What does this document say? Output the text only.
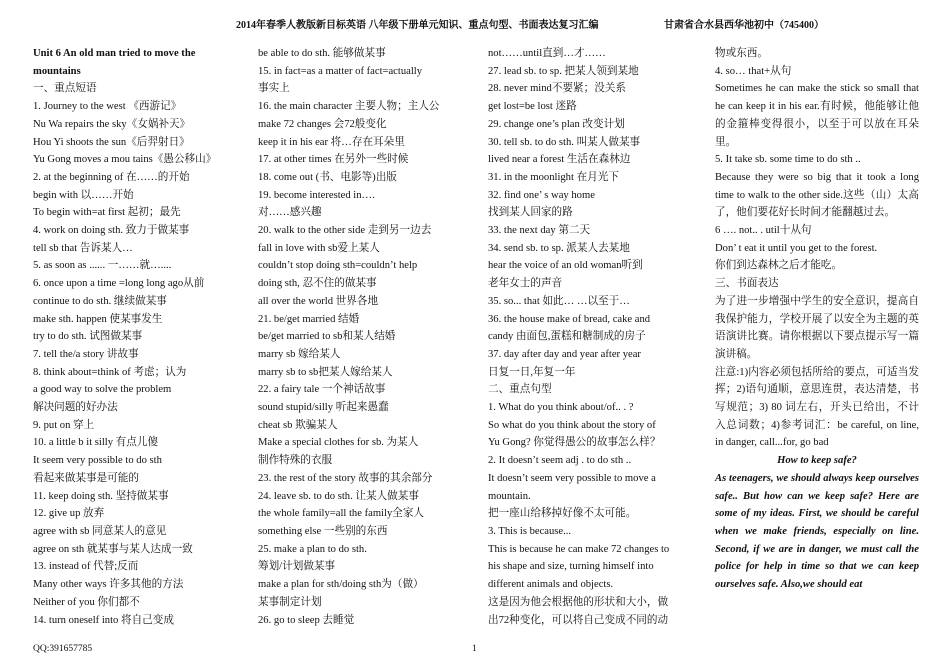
2014年春季人教版新目标英语 八年级下册单元知识、重点句型、书面表达复习汇编	甘肃省合水县西华池初中（745400）
Unit 6 An old man tried to move the
mountains
一、重点短语
1. Journey to the west 《西游记》
Nu Wa repairs the sky《女娲补天》
Hou Yi shoots the sun《后羿射日》
Yu Gong moves a mou tains《愚公移山》
2. at the beginning of 在……的开始
begin with 以……开始
To begin with=at first 起初；最先
4. work on doing sth. 致力于做某事
tell sb that 告诉某人…
5. as soon as ...... 一……就…....
6. once upon a time =long long ago从前
continue to do sth. 继续做某事
make sth. happen 使某事发生
try to do sth. 试图做某事
7. tell the/a story 讲故事
8. think about=think of 考虑；认为
a good way to solve the problem
解决问题的好办法
9. put on 穿上
10. a little b it silly 有点儿傻
It seem very possible to do sth
看起来做某事是可能的
11. keep doing sth. 坚持做某事
12. give up 放弃
agree with sb 同意某人的意见
agree on sth 就某事与某人达成一致
13. instead of 代替;反而
Many other ways 许多其他的方法
Neither of you 你们都不
14. turn oneself into 将自己变成
be able to do sth. 能够做某事
15. in fact=as a matter of fact=actually
事实上
16. the main character 主要人物；主人公
make 72 changes 会72般变化
keep it in his ear 将…存在耳朵里
17. at other times 在另外一些时候
18. come out (书、电影等)出版
19. become interested in….
对……感兴趣
20. walk to the other side 走到另一边去
fall in love with sb爱上某人
couldn’t stop doing sth=couldn’t help
doing sth, 忍不住的做某事
all over the world 世界各地
21. be/get married 结婚
be/get married to sb和某人结婚
marry sb 嫁给某人
marry sb to sb把某人嫁给某人
22. a fairy tale 一个神话故事
sound stupid/silly 听起来愚蠢
cheat sb 欺骗某人
Make a special clothes for sb. 为某人
制作特殊的衣服
23. the rest of the story 故事的其余部分
24. leave sb. to do sth. 让某人做某事
the whole family=all the family全家人
something else 一些别的东西
25. make a plan to do sth.
筹划/计划做某事
make a plan for sth/doing sth为（做）
某事制定计划
26. go to sleep 去睡觉
not……until直到…才……
27. lead sb. to sp. 把某人领到某地
28. never mind不要紧；没关系
get lost=be lost 迷路
29. change one’s plan 改变计划
30. tell sb. to do sth. 叫某人做某事
lived near a forest 生活在森林边
31. in the moonlight 在月光下
32. find one’ s way home
找到某人回家的路
33. the next day 第二天
34. send sb. to sp. 派某人去某地
hear the voice of an old woman听到
老年女士的声音
35. so... that 如此… …以至于…
36. the house make of bread, cake and
candy 由面包,蛋糕和糖制成的房子
37. day after day and year after year
日复一日,年复一年
二、重点句型
1. What do you think about/of.. . ?
So what do you think about the story of
Yu Gong? 你觉得愚公的故事怎么样？
2. It doesn’t seem adj . to do sth ..
It doesn’t seem very possible to move a
mountain.
把一座山给移掉好像不太可能。
3. This is because...
This is because he can make 72 changes to
his shape and size, turning himself into
different animals and objects.
这是因为他会根据他的形状和大小，做
出72种变化，可以将自己变成不同的动
物或东西。
4. so… that+从句
Sometimes he can make the stick so small that he can keep it in his ear.有时候，他能够让他的金箍棒变得很小，以至于可以放在耳朵里。
5. It take sb. some time to do sth ..
Because they were so big that it took a long time to walk to the other side.这些（山）太高了，他们要花好长时间才能翻越过去。
6 …. not.. . util十从句
Don’ t eat it until you get to the forest.
你们到达森林之后才能吃。
三、书面表达
为了进一步增强中学生的安全意识，提高自我保护能力，学校开展了以安全为主题的英语演讲比赛。请你根据以下要点提示写一篇演讲稿。
注意:1)内容必须包括所给的要点，可适当发挥；2)语句通顺，意思连贯，表达清楚，书写规范；3) 80 词左右，开头已给出，不计入总词数；4)参考词汇：be careful, on line, in danger, call...for, go bad
How to keep safe?
As teenagers, we should always keep ourselves safe.. But how can we keep safe? Here are some of my ideas. First, we should be careful when we make friends, especially on line. Second, if we are in danger, we must call the police for help in time so that we can keep ourselves safe. Also,we should eat
QQ:391657785	1
